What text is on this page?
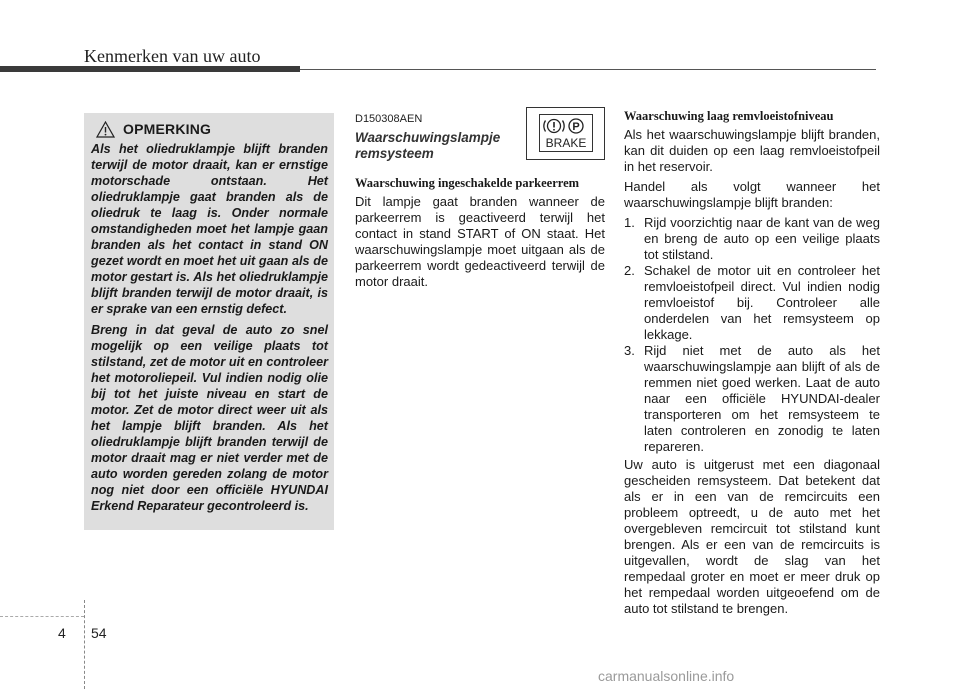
Kenmerken van uw auto
OPMERKING

Als het oliedruklampje blijft branden terwijl de motor draait, kan er ernstige motorschade ontstaan. Het oliedruklampje gaat branden als de oliedruk te laag is. Onder normale omstandigheden moet het lampje gaan branden als het contact in stand ON gezet wordt en moet het uit gaan als de motor gestart is. Als het oliedruklampje blijft branden terwijl de motor draait, is er sprake van een ernstig defect.

Breng in dat geval de auto zo snel mogelijk op een veilige plaats tot stilstand, zet de motor uit en controleer het motoroliepeil. Vul indien nodig olie bij tot het juiste niveau en start de motor. Zet de motor direct weer uit als het lampje blijft branden. Als het oliedruklampje blijft branden terwijl de motor draait mag er niet verder met de auto worden gereden zolang de motor nog niet door een officiële HYUNDAI Erkend Reparateur gecontroleerd is.

D150308AEN

Waarschuwingslampje remsysteem

P
BRAKE

Waarschuwing ingeschakelde parkeerrem

Dit lampje gaat branden wanneer de parkeerrem is geactiveerd terwijl het contact in stand START of ON staat. Het waarschuwingslampje moet uitgaan als de parkeerrem wordt gedeactiveerd terwijl de motor draait.

Waarschuwing laag remvloeistofniveau

Als het waarschuwingslampje blijft branden, kan dit duiden op een laag remvloeistofpeil in het reservoir.

Handel als volgt wanneer het waarschuwingslampje blijft branden:

1. Rijd voorzichtig naar de kant van de weg en breng de auto op een veilige plaats tot stilstand.
2. Schakel de motor uit en controleer het remvloeistofpeil direct. Vul indien nodig remvloeistof bij. Controleer alle onderdelen van het remsysteem op lekkage.
3. Rijd niet met de auto als het waarschuwingslampje aan blijft of als de remmen niet goed werken. Laat de auto naar een officiële HYUNDAI-dealer transporteren om het remsysteem te laten controleren en zonodig te laten repareren.

Uw auto is uitgerust met een diagonaal gescheiden remsysteem. Dat betekent dat als er in een van de remcircuits een probleem optreedt, u de auto met het overgebleven remcircuit tot stilstand kunt brengen. Als er een van de remcircuits is uitgevallen, wordt de slag van het rempedaal groter en moet er meer druk op het rempedaal worden uitgeoefend om de auto tot stilstand te brengen.

4 54
carmanualsonline.info
